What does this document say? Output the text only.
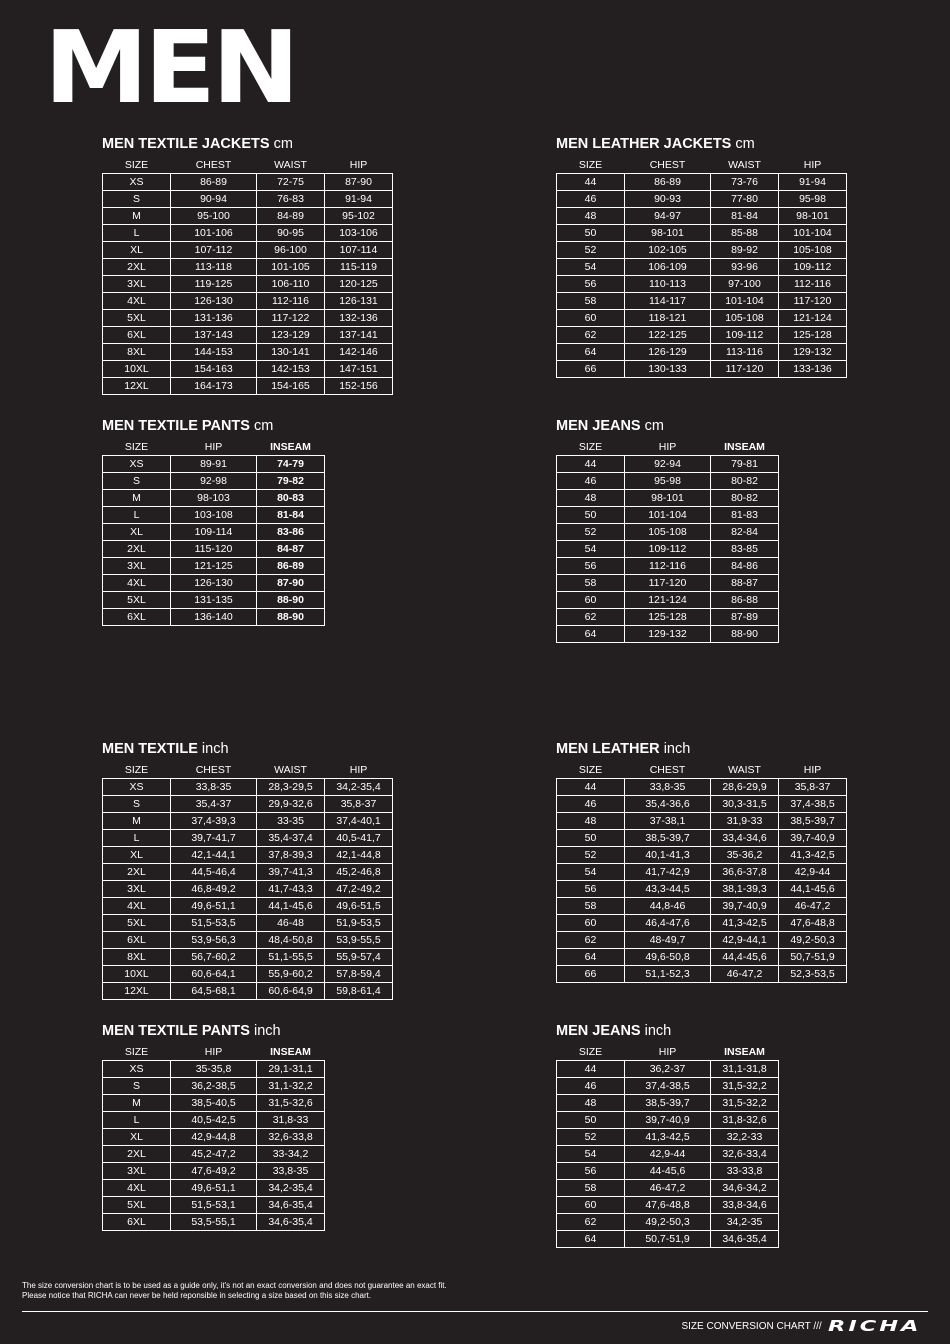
MEN
MEN TEXTILE JACKETS cm
SIZE	CHEST	WAIST	HIP
XS	86-89	72-75	87-90
S	90-94	76-83	91-94
M	95-100	84-89	95-102
L	101-106	90-95	103-106
XL	107-112	96-100	107-114
2XL	113-118	101-105	115-119
3XL	119-125	106-110	120-125
4XL	126-130	112-116	126-131
5XL	131-136	117-122	132-136
6XL	137-143	123-129	137-141
8XL	144-153	130-141	142-146
10XL	154-163	142-153	147-151
12XL	164-173	154-165	152-156
MEN LEATHER JACKETS cm
SIZE	CHEST	WAIST	HIP
44	86-89	73-76	91-94
46	90-93	77-80	95-98
48	94-97	81-84	98-101
50	98-101	85-88	101-104
52	102-105	89-92	105-108
54	106-109	93-96	109-112
56	110-113	97-100	112-116
58	114-117	101-104	117-120
60	118-121	105-108	121-124
62	122-125	109-112	125-128
64	126-129	113-116	129-132
66	130-133	117-120	133-136
MEN TEXTILE PANTS cm
SIZE	HIP	INSEAM
XS	89-91	74-79
S	92-98	79-82
M	98-103	80-83
L	103-108	81-84
XL	109-114	83-86
2XL	115-120	84-87
3XL	121-125	86-89
4XL	126-130	87-90
5XL	131-135	88-90
6XL	136-140	88-90
MEN JEANS cm
SIZE	HIP	INSEAM
44	92-94	79-81
46	95-98	80-82
48	98-101	80-82
50	101-104	81-83
52	105-108	82-84
54	109-112	83-85
56	112-116	84-86
58	117-120	88-87
60	121-124	86-88
62	125-128	87-89
64	129-132	88-90
MEN TEXTILE inch
SIZE	CHEST	WAIST	HIP
XS	33,8-35	28,3-29,5	34,2-35,4
S	35,4-37	29,9-32,6	35,8-37
M	37,4-39,3	33-35	37,4-40,1
L	39,7-41,7	35,4-37,4	40,5-41,7
XL	42,1-44,1	37,8-39,3	42,1-44,8
2XL	44,5-46,4	39,7-41,3	45,2-46,8
3XL	46,8-49,2	41,7-43,3	47,2-49,2
4XL	49,6-51,1	44,1-45,6	49,6-51,5
5XL	51,5-53,5	46-48	51,9-53,5
6XL	53,9-56,3	48,4-50,8	53,9-55,5
8XL	56,7-60,2	51,1-55,5	55,9-57,4
10XL	60,6-64,1	55,9-60,2	57,8-59,4
12XL	64,5-68,1	60,6-64,9	59,8-61,4
MEN LEATHER inch
SIZE	CHEST	WAIST	HIP
44	33,8-35	28,6-29,9	35,8-37
46	35,4-36,6	30,3-31,5	37,4-38,5
48	37-38,1	31,9-33	38,5-39,7
50	38,5-39,7	33,4-34,6	39,7-40,9
52	40,1-41,3	35-36,2	41,3-42,5
54	41,7-42,9	36,6-37,8	42,9-44
56	43,3-44,5	38,1-39,3	44,1-45,6
58	44,8-46	39,7-40,9	46-47,2
60	46,4-47,6	41,3-42,5	47,6-48,8
62	48-49,7	42,9-44,1	49,2-50,3
64	49,6-50,8	44,4-45,6	50,7-51,9
66	51,1-52,3	46-47,2	52,3-53,5
MEN TEXTILE PANTS inch
SIZE	HIP	INSEAM
XS	35-35,8	29,1-31,1
S	36,2-38,5	31,1-32,2
M	38,5-40,5	31,5-32,6
L	40,5-42,5	31,8-33
XL	42,9-44,8	32,6-33,8
2XL	45,2-47,2	33-34,2
3XL	47,6-49,2	33,8-35
4XL	49,6-51,1	34,2-35,4
5XL	51,5-53,1	34,6-35,4
6XL	53,5-55,1	34,6-35,4
MEN JEANS inch
SIZE	HIP	INSEAM
44	36,2-37	31,1-31,8
46	37,4-38,5	31,5-32,2
48	38,5-39,7	31,5-32,2
50	39,7-40,9	31,8-32,6
52	41,3-42,5	32,2-33
54	42,9-44	32,6-33,4
56	44-45,6	33-33,8
58	46-47,2	34,6-34,2
60	47,6-48,8	33,8-34,6
62	49,2-50,3	34,2-35
64	50,7-51,9	34,6-35,4
The size conversion chart is to be used as a guide only, it's not an exact conversion and does not guarantee an exact fit.
Please notice that RICHA can never be held reponsible in selecting a size based on this size chart.
SIZE CONVERSION CHART /// RICHA
